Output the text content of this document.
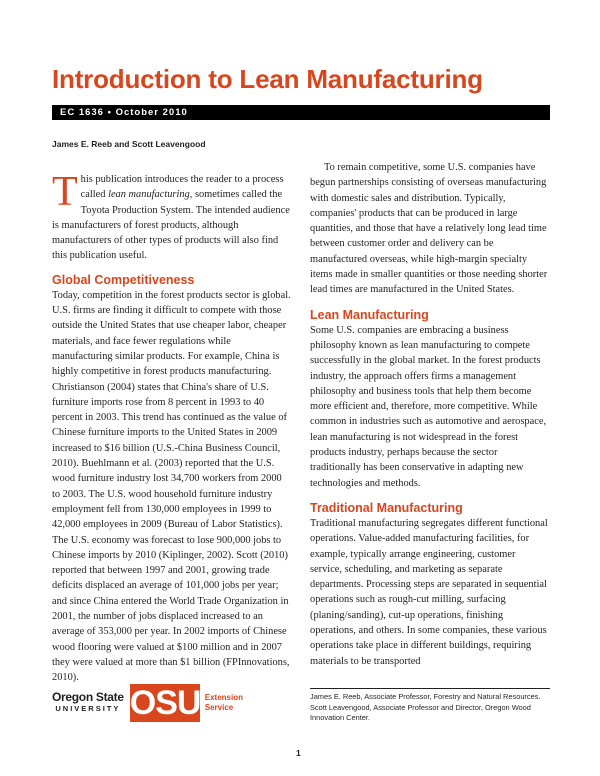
Introduction to Lean Manufacturing
EC 1636 • October 2010
James E. Reeb and Scott Leavengood

This publication introduces the reader to a process called lean manufacturing, sometimes called the Toyota Production System. The intended audience is manufacturers of forest products, although manufacturers of other types of products will also find this publication useful.

Global Competitiveness

Today, competition in the forest products sector is global. U.S. firms are finding it difficult to compete with those outside the United States that use cheaper labor, cheaper materials, and face fewer regulations while manufacturing similar products. For example, China is highly competitive in forest products manufacturing. Christianson (2004) states that China's share of U.S. furniture imports rose from 8 percent in 1993 to 40 percent in 2003. This trend has continued as the value of Chinese furniture imports to the United States in 2009 increased to $16 billion (U.S.-China Business Council, 2010). Buehlmann et al. (2003) reported that the U.S. wood furniture industry lost 34,700 workers from 2000 to 2003. The U.S. wood household furniture industry employment fell from 130,000 employees in 1999 to 42,000 employees in 2009 (Bureau of Labor Statistics). The U.S. economy was forecast to lose 900,000 jobs to Chinese imports by 2010 (Kiplinger, 2002). Scott (2010) reported that between 1997 and 2001, growing trade deficits displaced an average of 101,000 jobs per year; and since China entered the World Trade Organization in 2001, the number of jobs displaced increased to an average of 353,000 per year. In 2002 imports of Chinese wood flooring were valued at $100 million and in 2007 they were valued at more than $1 billion (FPInnovations, 2010).

To remain competitive, some U.S. companies have begun partnerships consisting of overseas manufacturing with domestic sales and distribution. Typically, companies' products that can be produced in large quantities, and those that have a relatively long lead time between customer order and delivery can be manufactured overseas, while high-margin specialty items made in smaller quantities or those needing shorter lead times are manufactured in the United States.

Lean Manufacturing

Some U.S. companies are embracing a business philosophy known as lean manufacturing to compete successfully in the global market. In the forest products industry, the approach offers firms a management philosophy and business tools that help them become more efficient and, therefore, more competitive. While common in industries such as automotive and aerospace, lean manufacturing is not widespread in the forest products industry, perhaps because the sector traditionally has been conservative in adapting new technologies and methods.

Traditional Manufacturing

Traditional manufacturing segregates different functional operations. Value-added manufacturing facilities, for example, typically arrange engineering, customer service, scheduling, and marketing as separate departments. Processing steps are separated in sequential operations such as rough-cut milling, surfacing (planing/sanding), cut-up operations, finishing operations, and others. In some companies, these various operations take place in different buildings, requiring materials to be transported

Oregon State
UNIVERSITY OSU Extension
Service
James E. Reeb, Associate Professor, Forestry and Natural Resources. Scott Leavengood, Associate Professor and Director, Oregon Wood Innovation Center.
1
